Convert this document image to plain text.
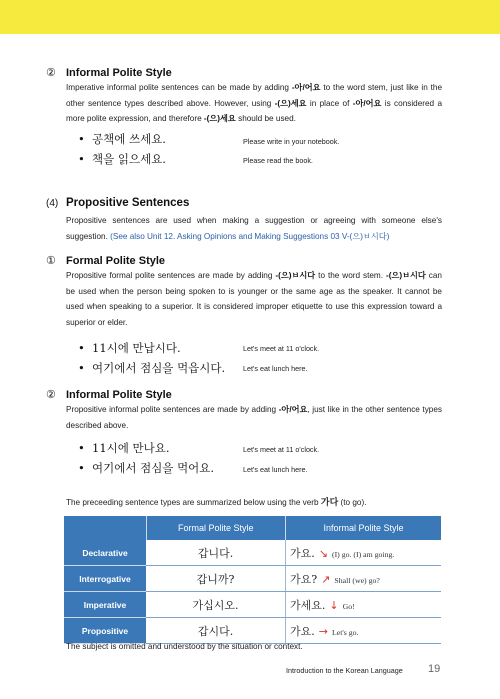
② Informal Polite Style
Imperative informal polite sentences can be made by adding -아/어요 to the word stem, just like in the other sentence types described above. However, using -(으)세요 in place of -아/어요 is considered a more polite expression, and therefore -(으)세요 should be used.
• 공책에 쓰세요.	Please write in your notebook.
• 책을 읽으세요.	Please read the book.
(4) Propositive Sentences
Propositive sentences are used when making a suggestion or agreeing with someone else's suggestion. (See also Unit 12. Asking Opinions and Making Suggestions 03 V-(으)ㅂ시다)
① Formal Polite Style
Propositive formal polite sentences are made by adding -(으)ㅂ시다 to the word stem. -(으)ㅂ시다 can be used when the person being spoken to is younger or the same age as the speaker. It cannot be used when speaking to a superior. It is considered improper etiquette to use this expression toward a superior or elder.
• 11시에 만납시다.	Let's meet at 11 o'clock.
• 여기에서 점심을 먹읍시다. Let's eat lunch here.
② Informal Polite Style
Propositive informal polite sentences are made by adding -아/어요, just like in the other sentence types described above.
• 11시에 만나요.	Let's meet at 11 o'clock.
• 여기에서 점심을 먹어요.	Let's eat lunch here.
The preceeding sentence types are summarized below using the verb 가다 (to go).
	Formal Polite Style	Informal Polite Style
Declarative	갑니다.	가요. ↘ (I) go. (I) am going.
Interrogative	갑니까?	가요? ↗ Shall (we) go?
Imperative	가십시오.	가세요. ↓ Go!
Propositive	갑시다.	가요. → Let's go.
The subject is omitted and understood by the situation or context.
Introduction to the Korean Language 19
